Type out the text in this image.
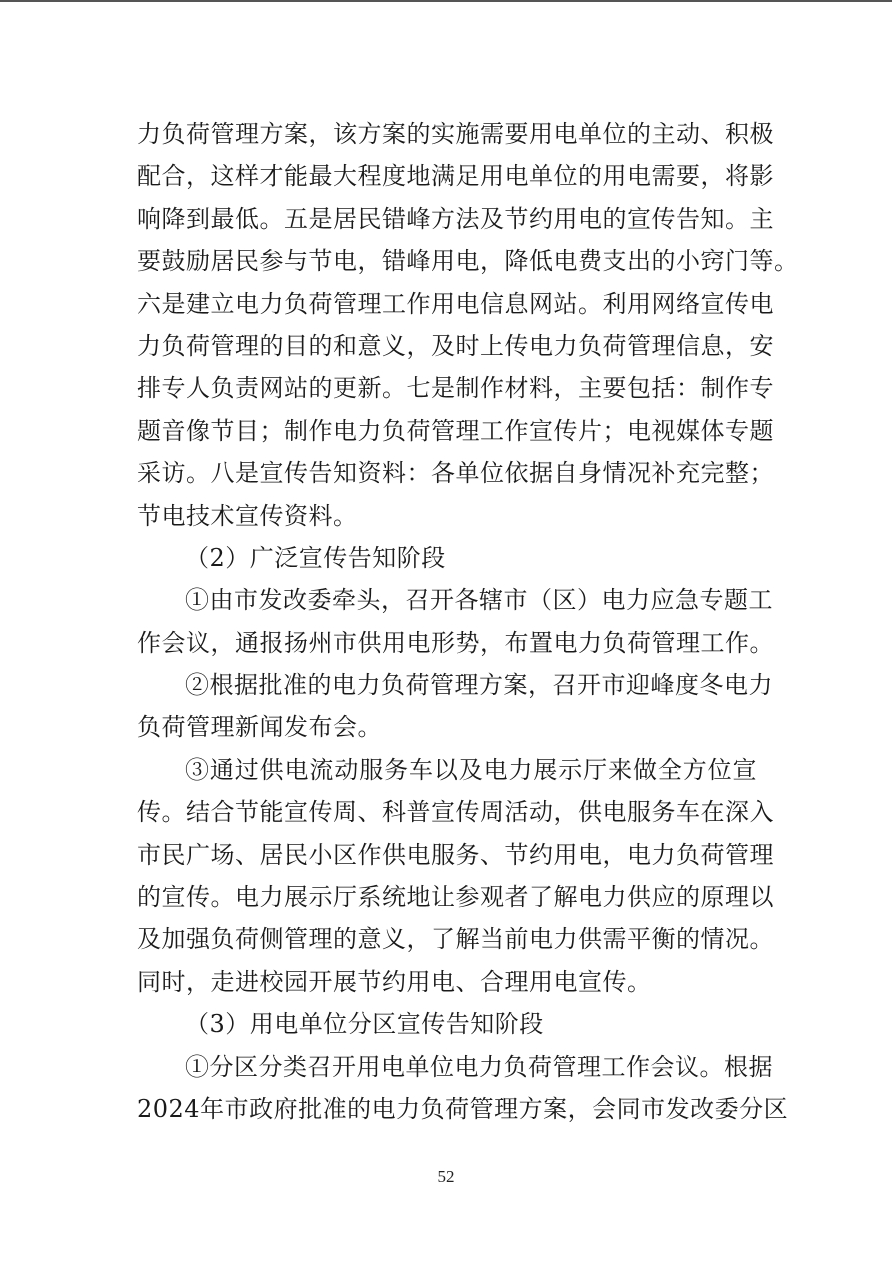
力负荷管理方案，该方案的实施需要用电单位的主动、积极
配合，这样才能最大程度地满足用电单位的用电需要，将影
响降到最低。五是居民错峰方法及节约用电的宣传告知。主
要鼓励居民参与节电，错峰用电，降低电费支出的小窍门等。
六是建立电力负荷管理工作用电信息网站。利用网络宣传电
力负荷管理的目的和意义，及时上传电力负荷管理信息，安
排专人负责网站的更新。七是制作材料，主要包括：制作专
题音像节目；制作电力负荷管理工作宣传片；电视媒体专题
采访。八是宣传告知资料：各单位依据自身情况补充完整；
节电技术宣传资料。
（2）广泛宣传告知阶段
①由市发改委牵头，召开各辖市（区）电力应急专题工
作会议，通报扬州市供用电形势，布置电力负荷管理工作。
②根据批准的电力负荷管理方案，召开市迎峰度冬电力
负荷管理新闻发布会。
③通过供电流动服务车以及电力展示厅来做全方位宣
传。结合节能宣传周、科普宣传周活动，供电服务车在深入
市民广场、居民小区作供电服务、节约用电，电力负荷管理
的宣传。电力展示厅系统地让参观者了解电力供应的原理以
及加强负荷侧管理的意义，了解当前电力供需平衡的情况。
同时，走进校园开展节约用电、合理用电宣传。
（3）用电单位分区宣传告知阶段
①分区分类召开用电单位电力负荷管理工作会议。根据
2024年市政府批准的电力负荷管理方案，会同市发改委分区
52
